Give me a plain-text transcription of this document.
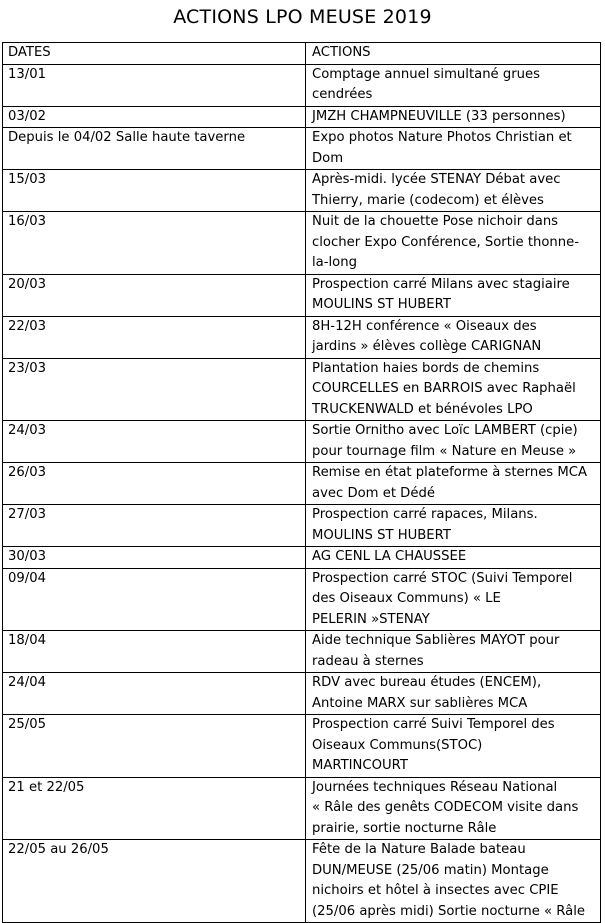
ACTIONS LPO MEUSE 2019
DATES	ACTIONS
13/01	Comptage annuel simultané grues
cendrées

03/02	JMZH CHAMPNEUVILLE (33 personnes)

Depuis le 04/02 Salle haute taverne	Expo photos Nature Photos Christian et
Dom

15/03	Après-midi. lycée STENAY Débat avec
Thierry, marie (codecom) et élèves

16/03	Nuit de la chouette Pose nichoir dans
clocher Expo Conférence, Sortie thonne-
la-long

20/03	Prospection carré Milans avec stagiaire
MOULINS ST HUBERT

22/03	8H-12H conférence « Oiseaux des
jardins » élèves collège CARIGNAN

23/03	Plantation haies bords de chemins
COURCELLES en BARROIS avec Raphaël
TRUCKENWALD et bénévoles LPO

24/03	Sortie Ornitho avec Loïc LAMBERT (cpie)
pour tournage film « Nature en Meuse »

26/03	Remise en état plateforme à sternes MCA
avec Dom et Dédé

27/03	Prospection carré rapaces, Milans.
MOULINS ST HUBERT

30/03	AG CENL LA CHAUSSEE

09/04	Prospection carré STOC (Suivi Temporel
des Oiseaux Communs) « LE
PELERIN »STENAY

18/04	Aide technique Sablières MAYOT pour
radeau à sternes

24/04	RDV avec bureau études (ENCEM),
Antoine MARX sur sablières MCA

25/05	Prospection carré Suivi Temporel des
Oiseaux Communs(STOC)
MARTINCOURT

21 et 22/05	Journées techniques Réseau National
« Râle des genêts CODECOM visite dans
prairie, sortie nocturne Râle

22/05 au 26/05	Fête de la Nature Balade bateau
DUN/MEUSE (25/06 matin) Montage
nichoirs et hôtel à insectes avec CPIE
(25/06 après midi) Sortie nocturne « Râle
